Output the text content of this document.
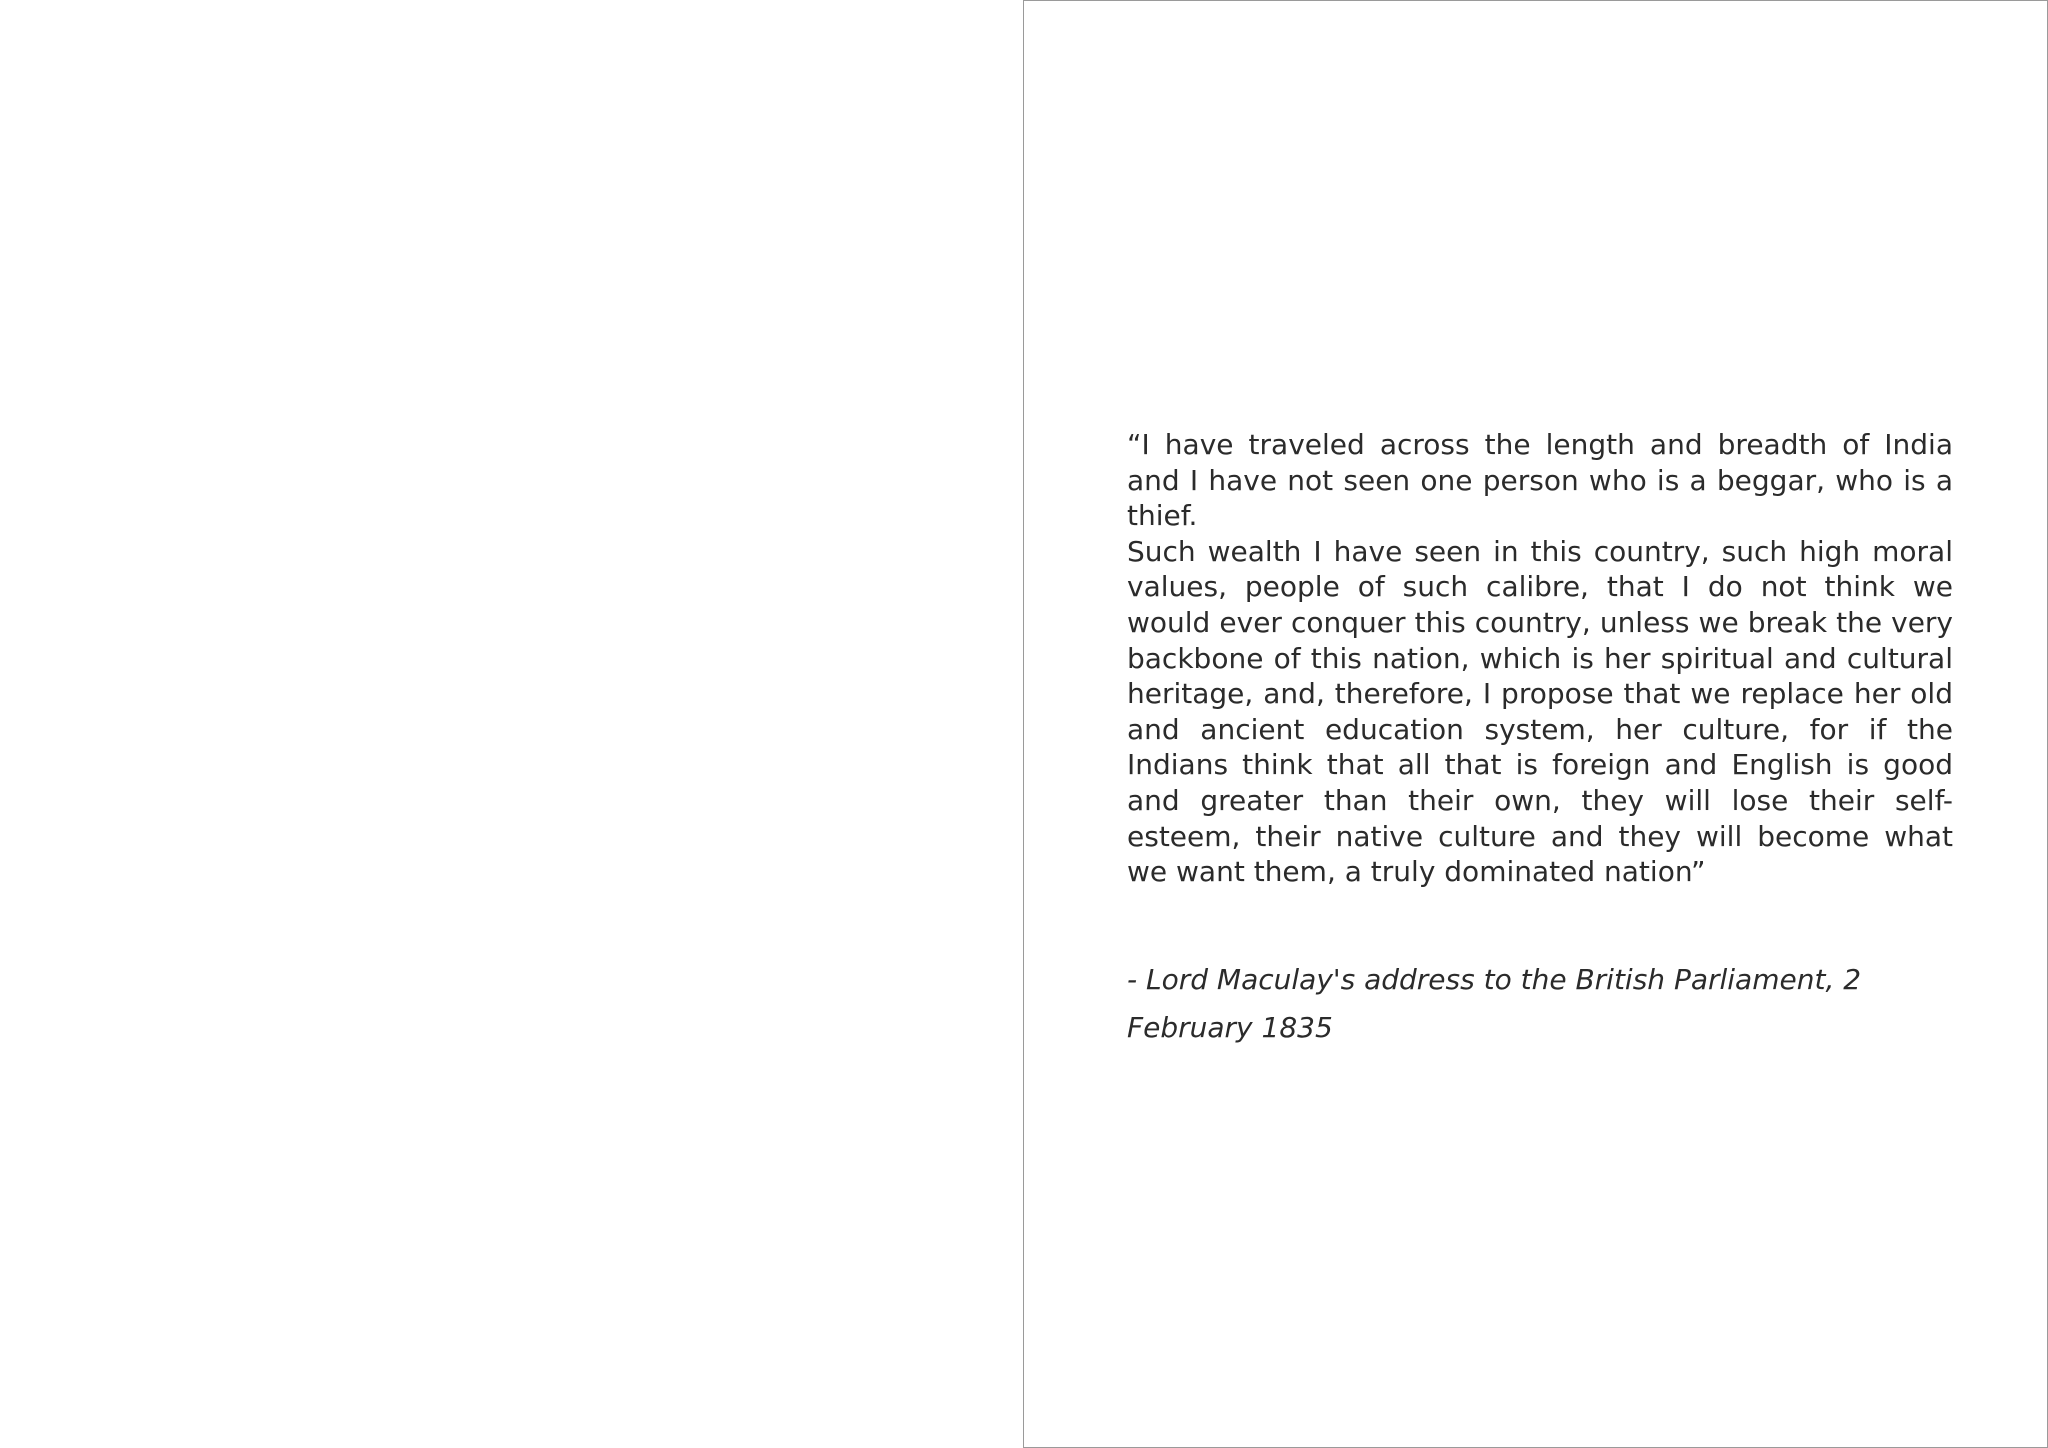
“I have traveled across the length and breadth of India and I have not seen one person who is a beggar, who is a thief.

Such wealth I have seen in this country, such high moral values, people of such calibre, that I do not think we would ever conquer this country, unless we break the very backbone of this nation, which is her spiritual and cultural heritage, and, therefore, I propose that we replace her old and ancient education system, her culture, for if the Indians think that all that is foreign and English is good and greater than their own, they will lose their self-esteem, their native culture and they will become what we want them, a truly dominated nation”

- Lord Maculay's address to the British Parliament, 2 February 1835
